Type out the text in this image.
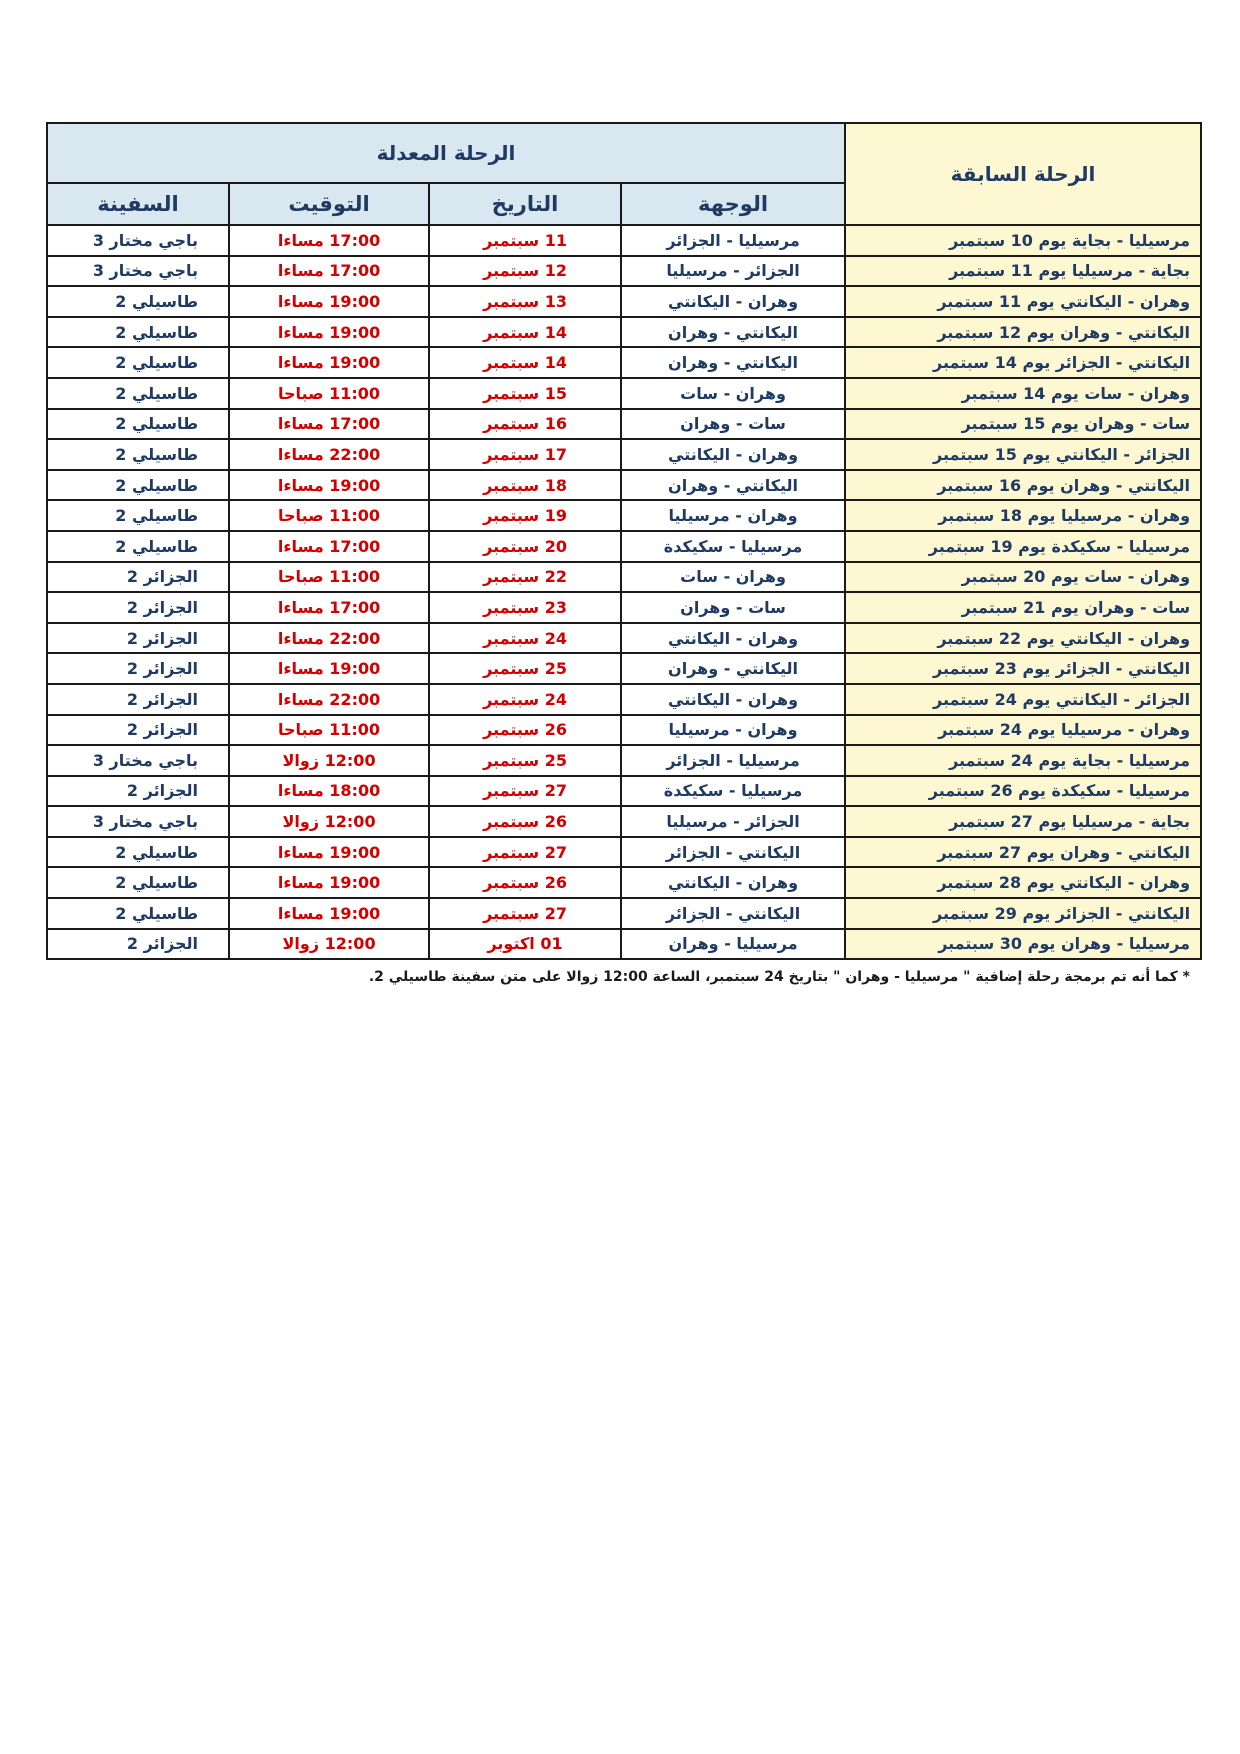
الرحلة السابقة	الرحلة المعدلة			
	الوجهة	التاريخ	التوقيت	السفينة
مرسيليا - بجاية يوم 10 سبتمبر	مرسيليا - الجزائر	11 سبتمبر	17:00 مساءا	باجي مختار 3
بجاية - مرسيليا يوم 11 سبتمبر	الجزائر - مرسيليا	12 سبتمبر	17:00 مساءا	باجي مختار 3
وهران - اليكانتي يوم 11 سبتمبر	وهران - اليكانتي	13 سبتمبر	19:00 مساءا	طاسيلي 2
اليكانتي - وهران يوم 12 سبتمبر	اليكانتي - وهران	14 سبتمبر	19:00 مساءا	طاسيلي 2
اليكانتي - الجزائر يوم 14 سبتمبر	اليكانتي - وهران	14 سبتمبر	19:00 مساءا	طاسيلي 2
وهران - سات يوم 14 سبتمبر	وهران - سات	15 سبتمبر	11:00 صباحا	طاسيلي 2
سات - وهران يوم 15 سبتمبر	سات - وهران	16 سبتمبر	17:00 مساءا	طاسيلي 2
الجزائر - اليكانتي يوم 15 سبتمبر	وهران - اليكانتي	17 سبتمبر	22:00 مساءا	طاسيلي 2
اليكانتي - وهران يوم 16 سبتمبر	اليكانتي - وهران	18 سبتمبر	19:00 مساءا	طاسيلي 2
وهران - مرسيليا يوم 18 سبتمبر	وهران - مرسيليا	19 سبتمبر	11:00 صباحا	طاسيلي 2
مرسيليا - سكيكدة يوم 19 سبتمبر	مرسيليا - سكيكدة	20 سبتمبر	17:00 مساءا	طاسيلي 2
وهران - سات يوم 20 سبتمبر	وهران - سات	22 سبتمبر	11:00 صباحا	الجزائر 2
سات - وهران يوم 21 سبتمبر	سات - وهران	23 سبتمبر	17:00 مساءا	الجزائر 2
وهران - اليكانتي يوم 22 سبتمبر	وهران - اليكانتي	24 سبتمبر	22:00 مساءا	الجزائر 2
اليكانتي - الجزائر يوم 23 سبتمبر	اليكانتي - وهران	25 سبتمبر	19:00 مساءا	الجزائر 2
الجزائر - اليكانتي يوم 24 سبتمبر	وهران - اليكانتي	24 سبتمبر	22:00 مساءا	الجزائر 2
وهران - مرسيليا يوم 24 سبتمبر	وهران - مرسيليا	26 سبتمبر	11:00 صباحا	الجزائر 2
مرسيليا - بجاية يوم 24 سبتمبر	مرسيليا - الجزائر	25 سبتمبر	12:00 زوالا	باجي مختار 3
مرسيليا - سكيكدة يوم 26 سبتمبر	مرسيليا - سكيكدة	27 سبتمبر	18:00 مساءا	الجزائر 2
بجاية - مرسيليا يوم 27 سبتمبر	الجزائر - مرسيليا	26 سبتمبر	12:00 زوالا	باجي مختار 3
اليكانتي - وهران يوم 27 سبتمبر	اليكانتي - الجزائر	27 سبتمبر	19:00 مساءا	طاسيلي 2
وهران - اليكانتي يوم 28 سبتمبر	وهران - اليكانتي	26 سبتمبر	19:00 مساءا	طاسيلي 2
اليكانتي - الجزائر يوم 29 سبتمبر	اليكانتي - الجزائر	27 سبتمبر	19:00 مساءا	طاسيلي 2
مرسيليا - وهران يوم 30 سبتمبر	مرسيليا - وهران	01 اكتوبر	12:00 زوالا	الجزائر 2
* كما أنه تم برمجة رحلة إضافية " مرسيليا - وهران " بتاريخ 24 سبتمبر، الساعة 12:00 زوالا على متن سفينة طاسيلي 2.
